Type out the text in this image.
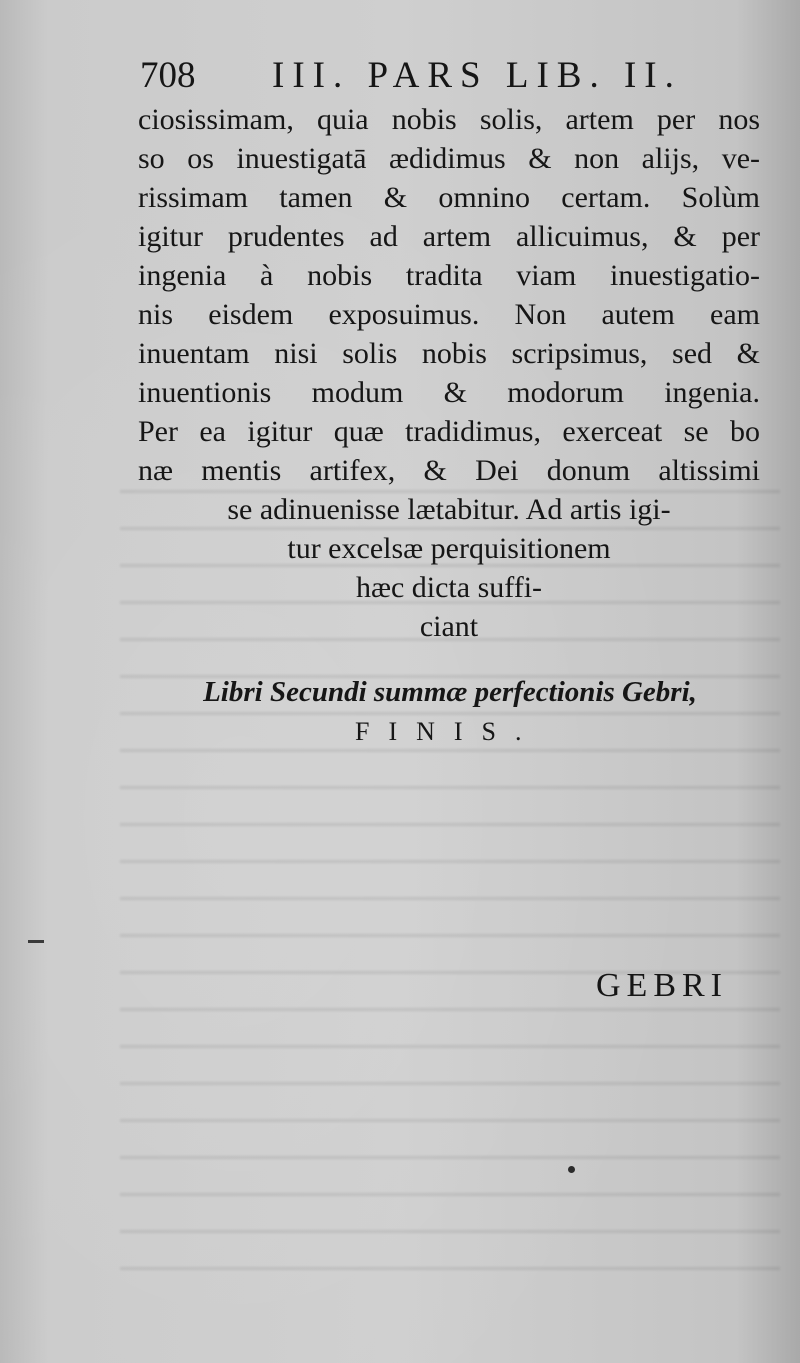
708 III. PARS LIB. II.
ciosissimam, quia nobis solis, artem per nos
so os inuestigatā ædidimus & non alijs, ve-
rissimam tamen & omnino certam. Solùm
igitur prudentes ad artem allicuimus, & per
ingenia à nobis tradita viam inuestigatio-
nis eisdem exposuimus. Non autem eam
inuentam nisi solis nobis scripsimus, sed &
inuentionis modum & modorum ingenia.
Per ea igitur quæ tradidimus, exerceat se bo
næ mentis artifex, & Dei donum altissimi
se adinuenisse lætabitur. Ad artis igi-
tur excelsæ perquisitionem
hæc dicta suffi-
ciant
Libri Secundi summæ perfectionis Gebri,
FINIS.
GEBRI
